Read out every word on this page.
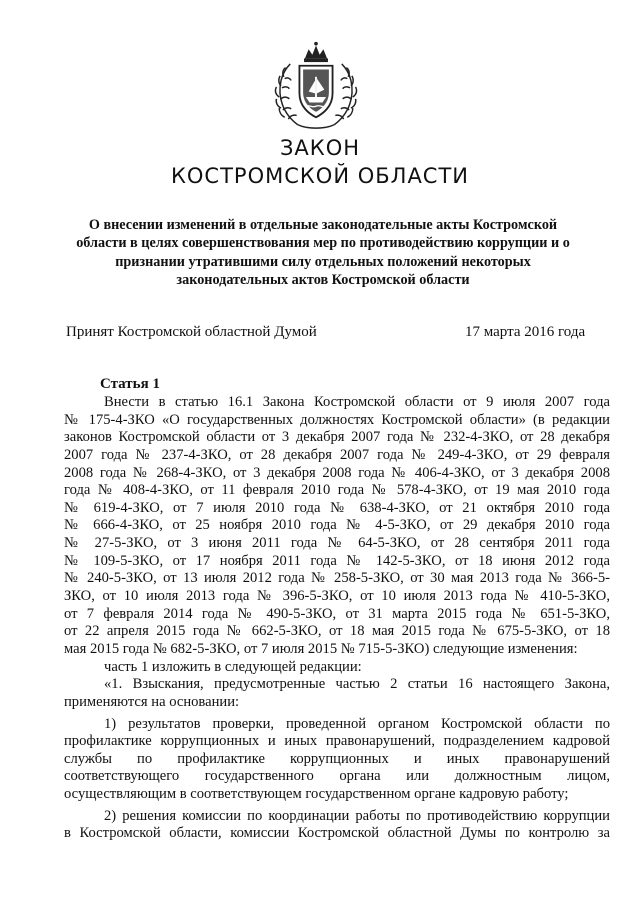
ЗАКОН
КОСТРОМСКОЙ ОБЛАСТИ
О внесении изменений в отдельные законодательные акты Костромской
области в целях совершенствования мер по противодействию коррупции и о
признании утратившими силу отдельных положений некоторых
законодательных актов Костромской области
Принят Костромской областной Думой	17 марта 2016 года
Статья 1
Внести в статью 16.1 Закона Костромской области от 9 июля 2007 года
№ 175-4-ЗКО «О государственных должностях Костромской области» (в редакции
законов Костромской области от 3 декабря 2007 года № 232-4-ЗКО, от 28 декабря
2007 года № 237-4-ЗКО, от 28 декабря 2007 года № 249-4-ЗКО, от 29 февраля
2008 года № 268-4-ЗКО, от 3 декабря 2008 года № 406-4-ЗКО, от 3 декабря 2008
года № 408-4-ЗКО, от 11 февраля 2010 года № 578-4-ЗКО, от 19 мая 2010 года
№ 619-4-ЗКО, от 7 июля 2010 года № 638-4-ЗКО, от 21 октября 2010 года
№ 666-4-ЗКО, от 25 ноября 2010 года № 4-5-ЗКО, от 29 декабря 2010 года
№ 27-5-ЗКО, от 3 июня 2011 года № 64-5-ЗКО, от 28 сентября 2011 года
№ 109-5-ЗКО, от 17 ноября 2011 года № 142-5-ЗКО, от 18 июня 2012 года
№ 240-5-ЗКО, от 13 июля 2012 года № 258-5-ЗКО, от 30 мая 2013 года № 366-5-
ЗКО, от 10 июля 2013 года № 396-5-ЗКО, от 10 июля 2013 года № 410-5-ЗКО,
от 7 февраля 2014 года № 490-5-ЗКО, от 31 марта 2015 года № 651-5-ЗКО,
от 22 апреля 2015 года № 662-5-ЗКО, от 18 мая 2015 года № 675-5-ЗКО, от 18
мая 2015 года № 682-5-ЗКО, от 7 июля 2015 № 715-5-ЗКО) следующие изменения:
часть 1 изложить в следующей редакции:
«1. Взыскания, предусмотренные частью 2 статьи 16 настоящего Закона,
применяются на основании:
1) результатов проверки, проведенной органом Костромской области по
профилактике коррупционных и иных правонарушений, подразделением кадровой
службы по профилактике коррупционных и иных правонарушений
соответствующего государственного органа или должностным лицом,
осуществляющим в соответствующем государственном органе кадровую работу;
2) решения комиссии по координации работы по противодействию коррупции
в Костромской области, комиссии Костромской областной Думы по контролю за
